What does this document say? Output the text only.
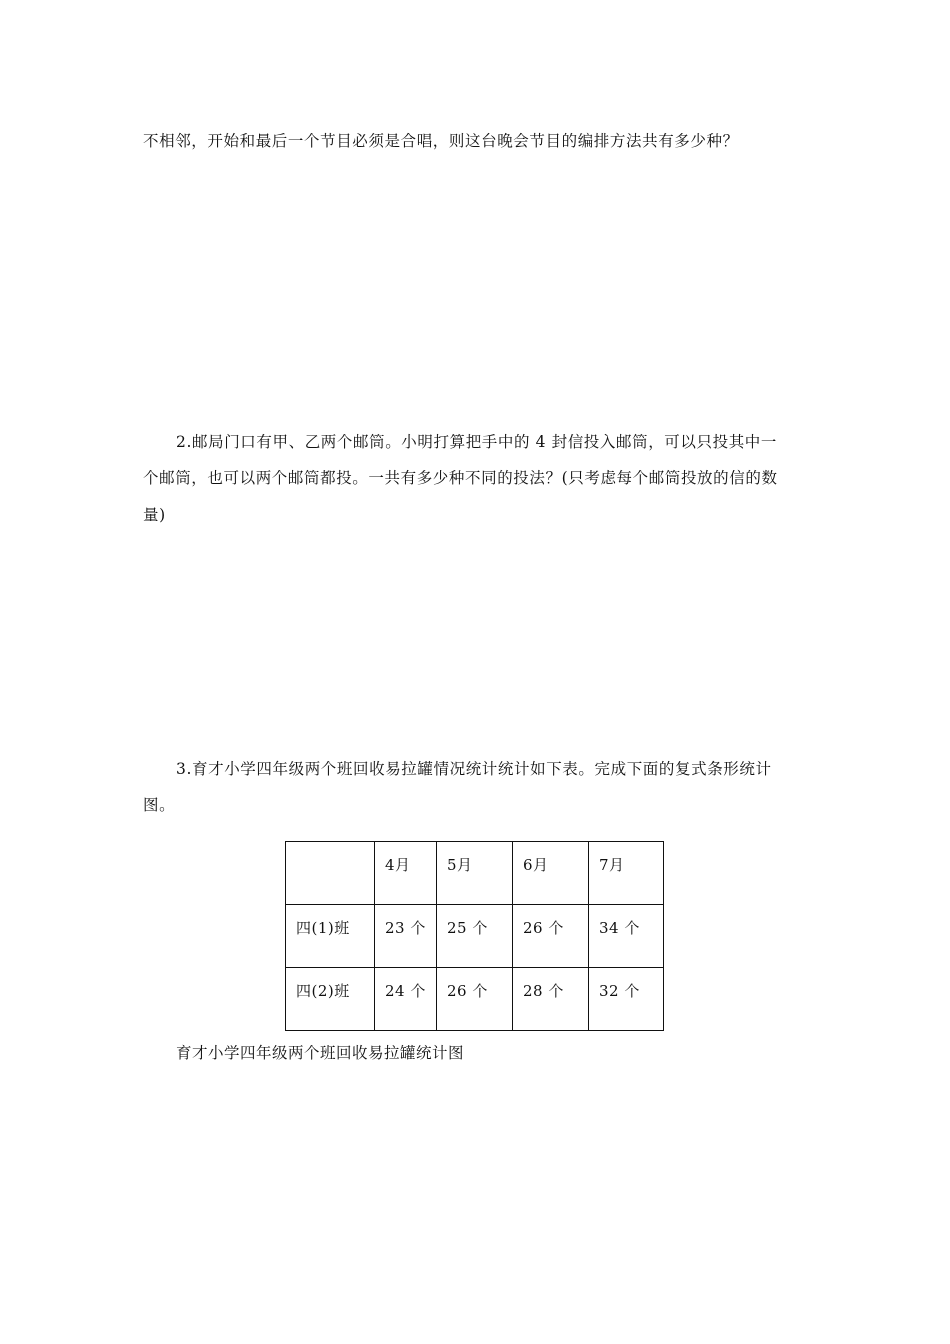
不相邻，开始和最后一个节目必须是合唱，则这台晚会节目的编排方法共有多少种？
2.邮局门口有甲、乙两个邮筒。小明打算把手中的 4 封信投入邮筒，可以只投其中一
个邮筒，也可以两个邮筒都投。一共有多少种不同的投法？(只考虑每个邮筒投放的信的数
量)
3.育才小学四年级两个班回收易拉罐情况统计统计如下表。完成下面的复式条形统计
图。
	4月	5月	6月	7月
四(1)班	23 个	25 个	26 个	34 个
四(2)班	24 个	26 个	28 个	32 个
育才小学四年级两个班回收易拉罐统计图
